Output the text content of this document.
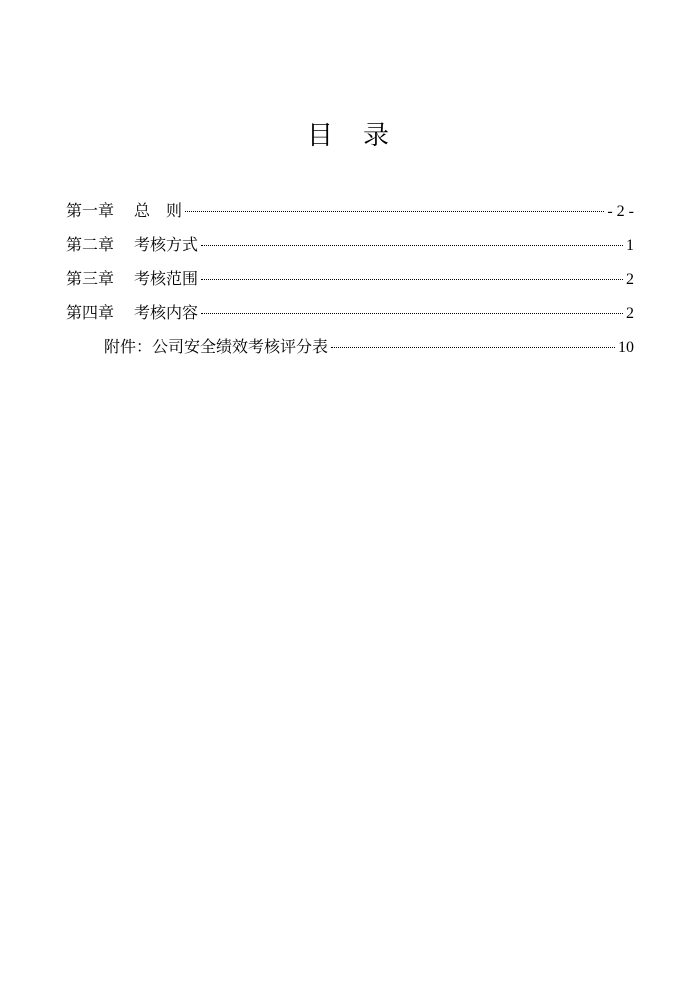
目 录
第一章 总 则	- 2 -
第二章 考核方式	1
第三章 考核范围	2
第四章 考核内容	2
附件：公司安全绩效考核评分表	10
